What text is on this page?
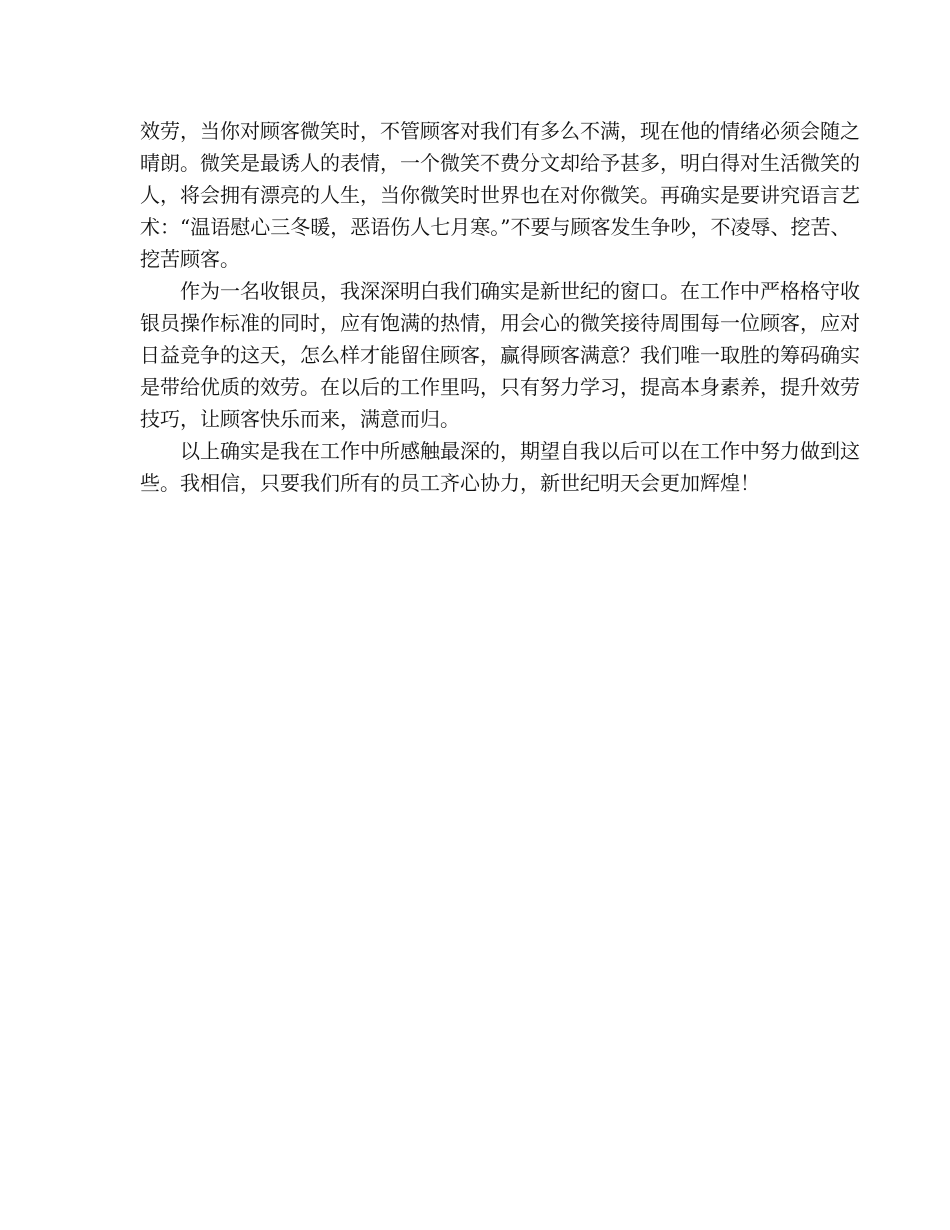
效劳，当你对顾客微笑时，不管顾客对我们有多么不满，现在他的情绪必须会随之
晴朗。微笑是最诱人的表情，一个微笑不费分文却给予甚多，明白得对生活微笑的
人，将会拥有漂亮的人生，当你微笑时世界也在对你微笑。再确实是要讲究语言艺
术：“温语慰心三冬暖，恶语伤人七月寒。”不要与顾客发生争吵，不凌辱、挖苦、
挖苦顾客。
作为一名收银员，我深深明白我们确实是新世纪的窗口。在工作中严格格守收
银员操作标准的同时，应有饱满的热情，用会心的微笑接待周围每一位顾客，应对
日益竞争的这天，怎么样才能留住顾客，赢得顾客满意？我们唯一取胜的筹码确实
是带给优质的效劳。在以后的工作里吗，只有努力学习，提高本身素养，提升效劳
技巧，让顾客快乐而来，满意而归。
以上确实是我在工作中所感触最深的，期望自我以后可以在工作中努力做到这
些。我相信，只要我们所有的员工齐心协力，新世纪明天会更加辉煌！
